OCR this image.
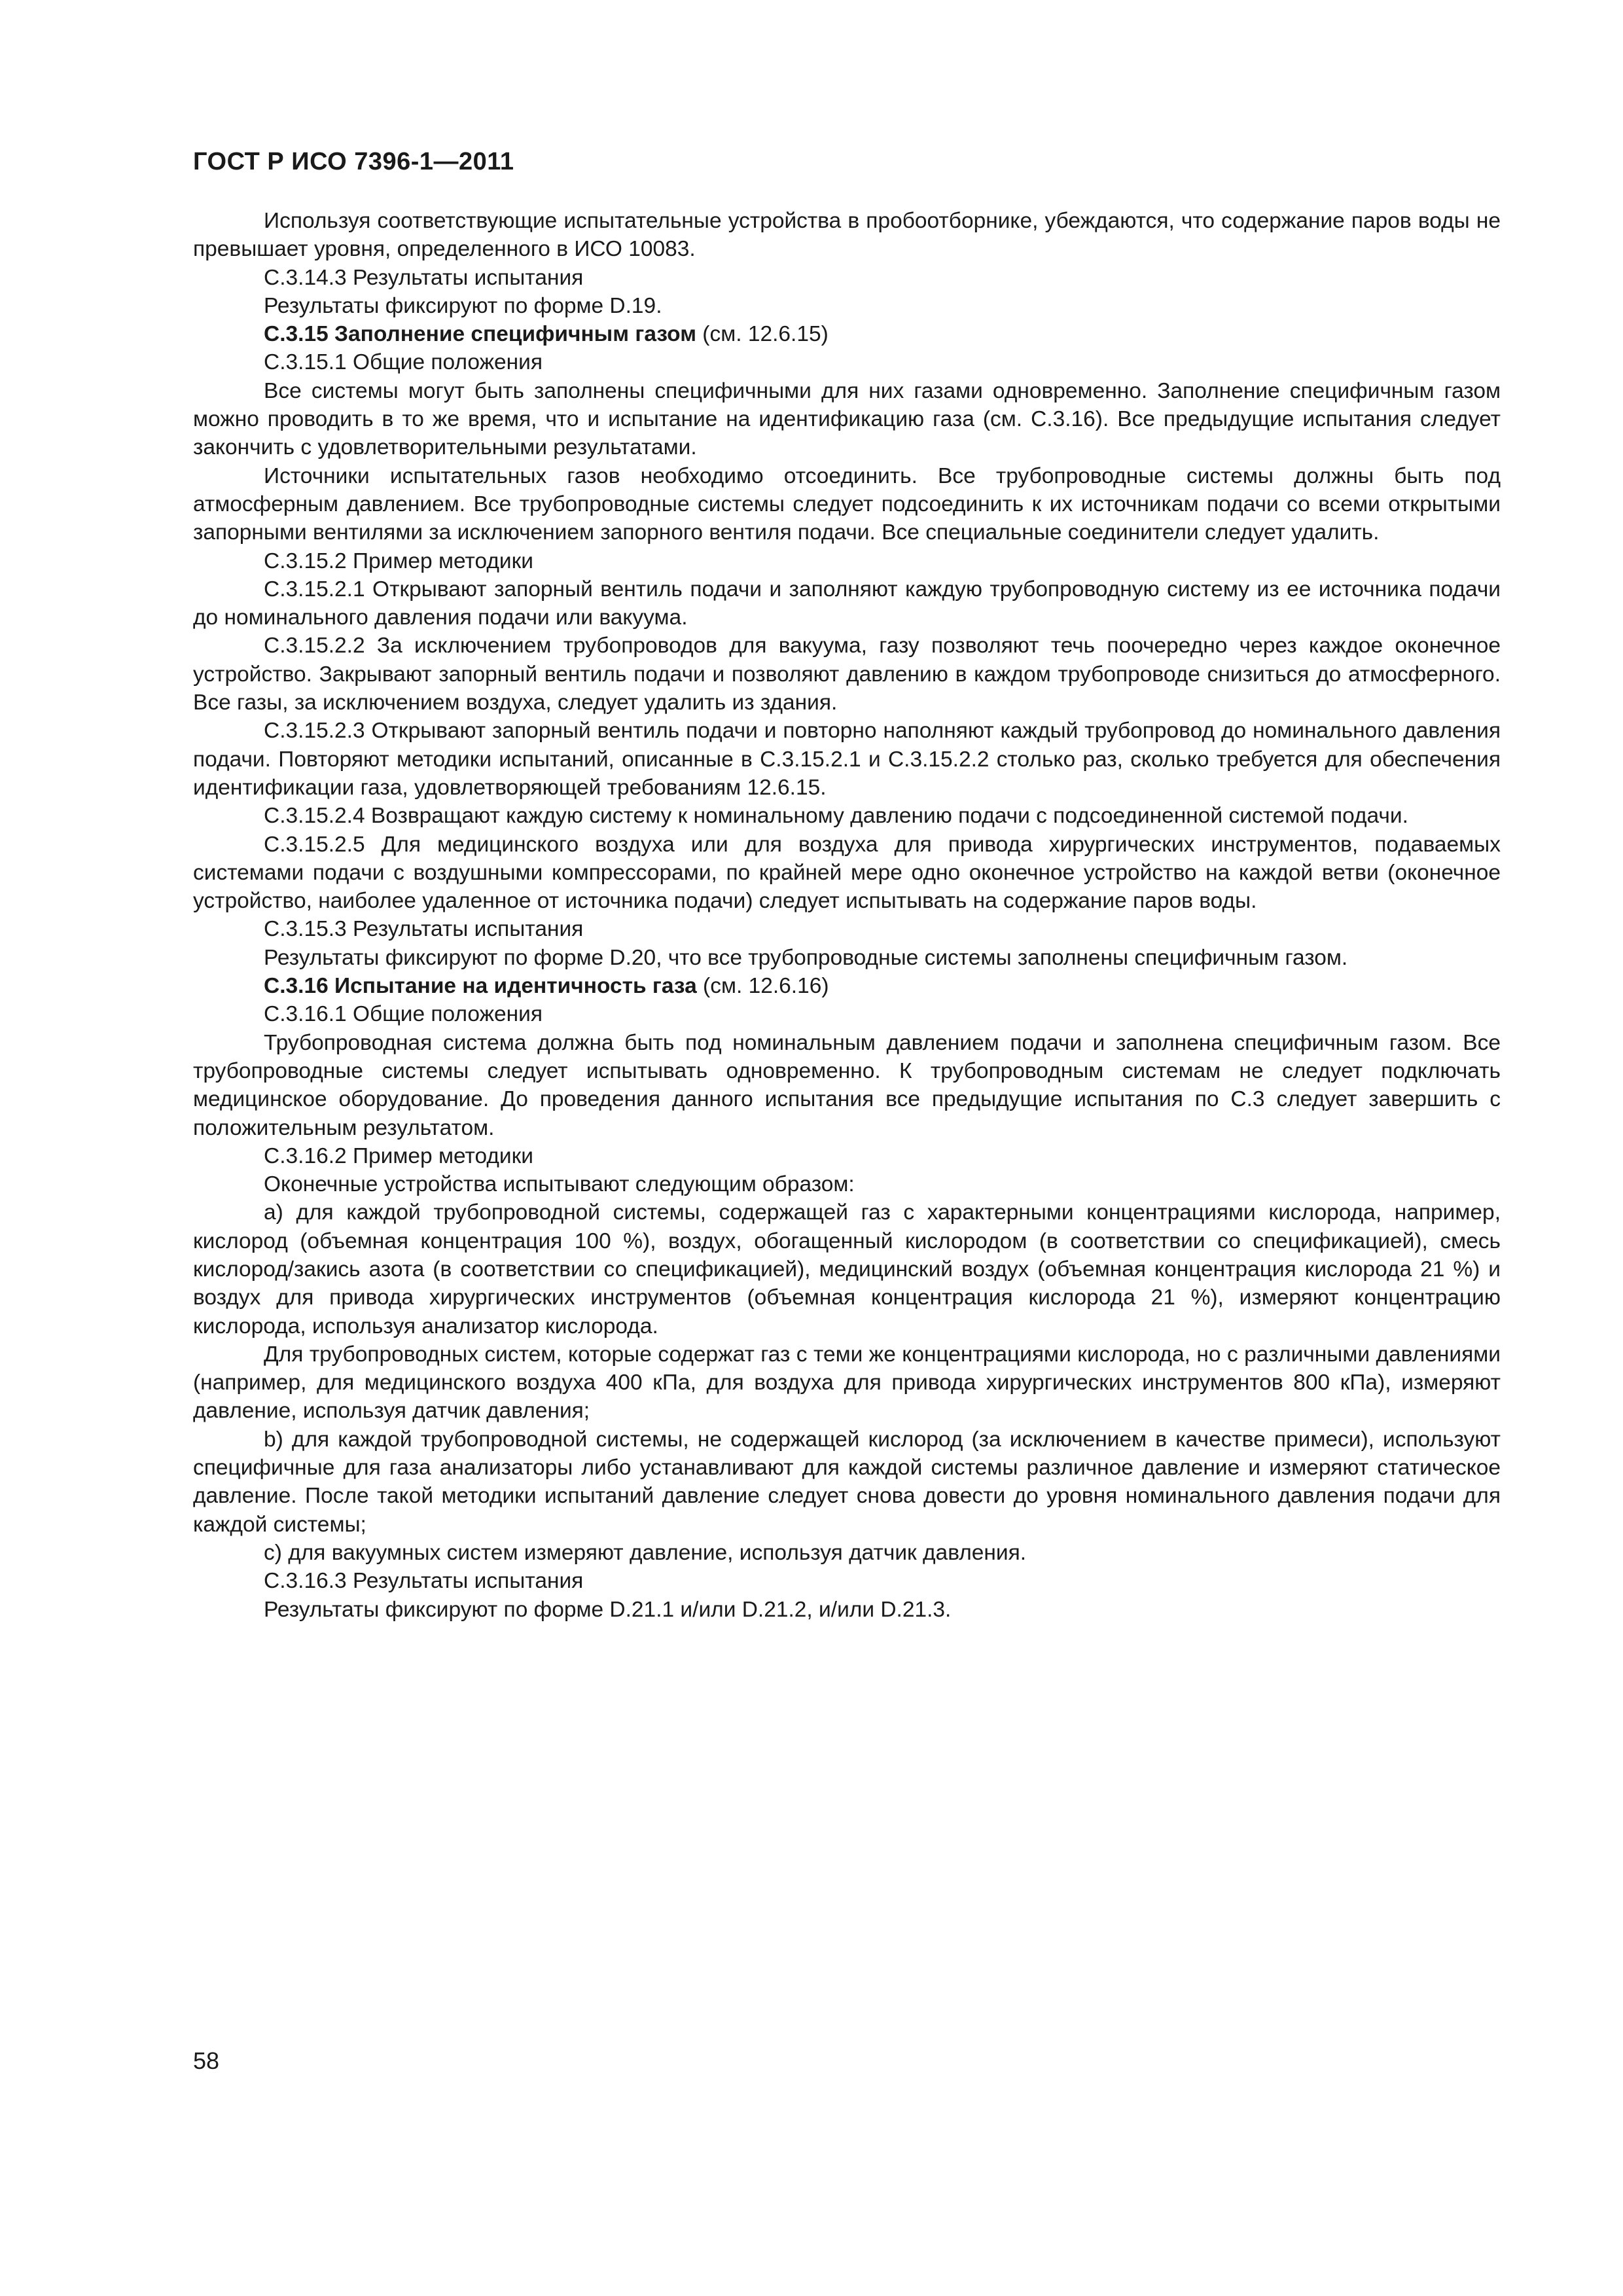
ГОСТ Р ИСО 7396-1—2011

Используя соответствующие испытательные устройства в пробоотборнике, убеждаются, что содержание паров воды не превышает уровня, определенного в ИСО 10083.

С.3.14.3 Результаты испытания

Результаты фиксируют по форме D.19.

С.3.15 Заполнение специфичным газом (см. 12.6.15)

С.3.15.1 Общие положения

Все системы могут быть заполнены специфичными для них газами одновременно. Заполнение специфичным газом можно проводить в то же время, что и испытание на идентификацию газа (см. С.3.16). Все предыдущие испытания следует закончить с удовлетворительными результатами.

Источники испытательных газов необходимо отсоединить. Все трубопроводные системы должны быть под атмосферным давлением. Все трубопроводные системы следует подсоединить к их источникам подачи со всеми открытыми запорными вентилями за исключением запорного вентиля подачи. Все специальные соединители следует удалить.

С.3.15.2 Пример методики

С.3.15.2.1 Открывают запорный вентиль подачи и заполняют каждую трубопроводную систему из ее источника подачи до номинального давления подачи или вакуума.

С.3.15.2.2 За исключением трубопроводов для вакуума, газу позволяют течь поочередно через каждое оконечное устройство. Закрывают запорный вентиль подачи и позволяют давлению в каждом трубопроводе снизиться до атмосферного. Все газы, за исключением воздуха, следует удалить из здания.

С.3.15.2.3 Открывают запорный вентиль подачи и повторно наполняют каждый трубопровод до номинального давления подачи. Повторяют методики испытаний, описанные в С.3.15.2.1 и С.3.15.2.2 столько раз, сколько требуется для обеспечения идентификации газа, удовлетворяющей требованиям 12.6.15.

С.3.15.2.4 Возвращают каждую систему к номинальному давлению подачи с подсоединенной системой подачи.

С.3.15.2.5 Для медицинского воздуха или для воздуха для привода хирургических инструментов, подаваемых системами подачи с воздушными компрессорами, по крайней мере одно оконечное устройство на каждой ветви (оконечное устройство, наиболее удаленное от источника подачи) следует испытывать на содержание паров воды.

С.3.15.3 Результаты испытания

Результаты фиксируют по форме D.20, что все трубопроводные системы заполнены специфичным газом.

С.3.16 Испытание на идентичность газа (см. 12.6.16)

С.3.16.1 Общие положения

Трубопроводная система должна быть под номинальным давлением подачи и заполнена специфичным газом. Все трубопроводные системы следует испытывать одновременно. К трубопроводным системам не следует подключать медицинское оборудование. До проведения данного испытания все предыдущие испытания по С.3 следует завершить с положительным результатом.

С.3.16.2 Пример методики

Оконечные устройства испытывают следующим образом:

а) для каждой трубопроводной системы, содержащей газ с характерными концентрациями кислорода, например, кислород (объемная концентрация 100 %), воздух, обогащенный кислородом (в соответствии со спецификацией), смесь кислород/закись азота (в соответствии со спецификацией), медицинский воздух (объемная концентрация кислорода 21 %) и воздух для привода хирургических инструментов (объемная концентрация кислорода 21 %), измеряют концентрацию кислорода, используя анализатор кислорода.

Для трубопроводных систем, которые содержат газ с теми же концентрациями кислорода, но с различными давлениями (например, для медицинского воздуха 400 кПа, для воздуха для привода хирургических инструментов 800 кПа), измеряют давление, используя датчик давления;

b) для каждой трубопроводной системы, не содержащей кислород (за исключением в качестве примеси), используют специфичные для газа анализаторы либо устанавливают для каждой системы различное давление и измеряют статическое давление. После такой методики испытаний давление следует снова довести до уровня номинального давления подачи для каждой системы;

с) для вакуумных систем измеряют давление, используя датчик давления.

С.3.16.3 Результаты испытания

Результаты фиксируют по форме D.21.1 и/или D.21.2, и/или D.21.3.

58
